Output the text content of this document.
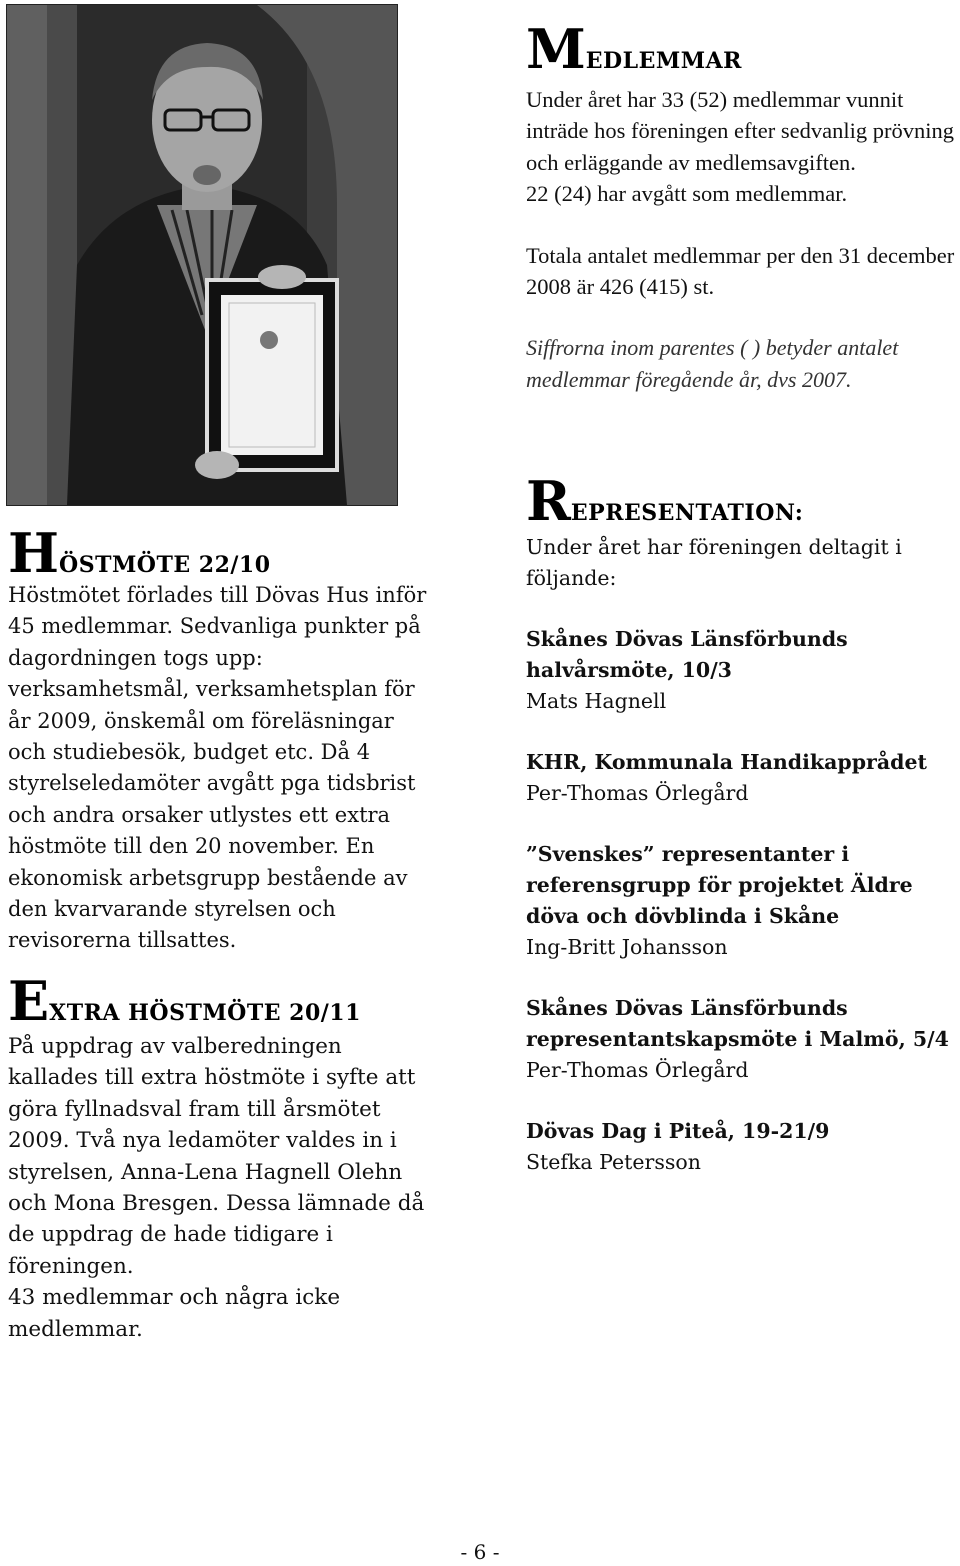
HÖSTMÖTE 22/10

Höstmötet förlades till Dövas Hus inför 45 medlemmar. Sedvanliga punkter på dagordningen togs upp: verksamhetsmål, verksamhetsplan för år 2009, önskemål om föreläsningar och studiebesök, budget etc. Då 4 styrelseledamöter avgått pga tidsbrist och andra orsaker utlystes ett extra höstmöte till den 20 november. En ekonomisk arbetsgrupp bestående av den kvarvarande styrelsen och revisorerna tillsattes.

EXTRA HÖSTMÖTE 20/11
På uppdrag av valberedningen kallades till extra höstmöte i syfte att göra fyllnadsval fram till årsmötet 2009. Två nya ledamöter valdes in i styrelsen, Anna-Lena Hagnell Olehn och Mona Bresgen. Dessa lämnade då de uppdrag de hade tidigare i föreningen.
43 medlemmar och några icke medlemmar.
MEDLEMMAR
Under året har 33 (52) medlemmar vunnit inträde hos föreningen efter sedvanlig prövning och erläggande av medlemsavgiften.
22 (24) har avgått som medlemmar.
Totala antalet medlemmar per den 31 december 2008 är 426 (415) st.
Siffrorna inom parentes ( ) betyder antalet medlemmar föregående år, dvs 2007.
REPRESENTATION:
Under året har föreningen deltagit i följande:
Skånes Dövas Länsförbunds halvårsmöte, 10/3
Mats Hagnell
KHR, Kommunala Handikapprådet
Per-Thomas Örlegård
”Svenskes” representanter i referensgrupp för projektet Äldre döva och dövblinda i Skåne
Ing-Britt Johansson
Skånes Dövas Länsförbunds representantskapsmöte i Malmö, 5/4
Per-Thomas Örlegård
Dövas Dag i Piteå, 19-21/9
Stefka Petersson
- 6 -
